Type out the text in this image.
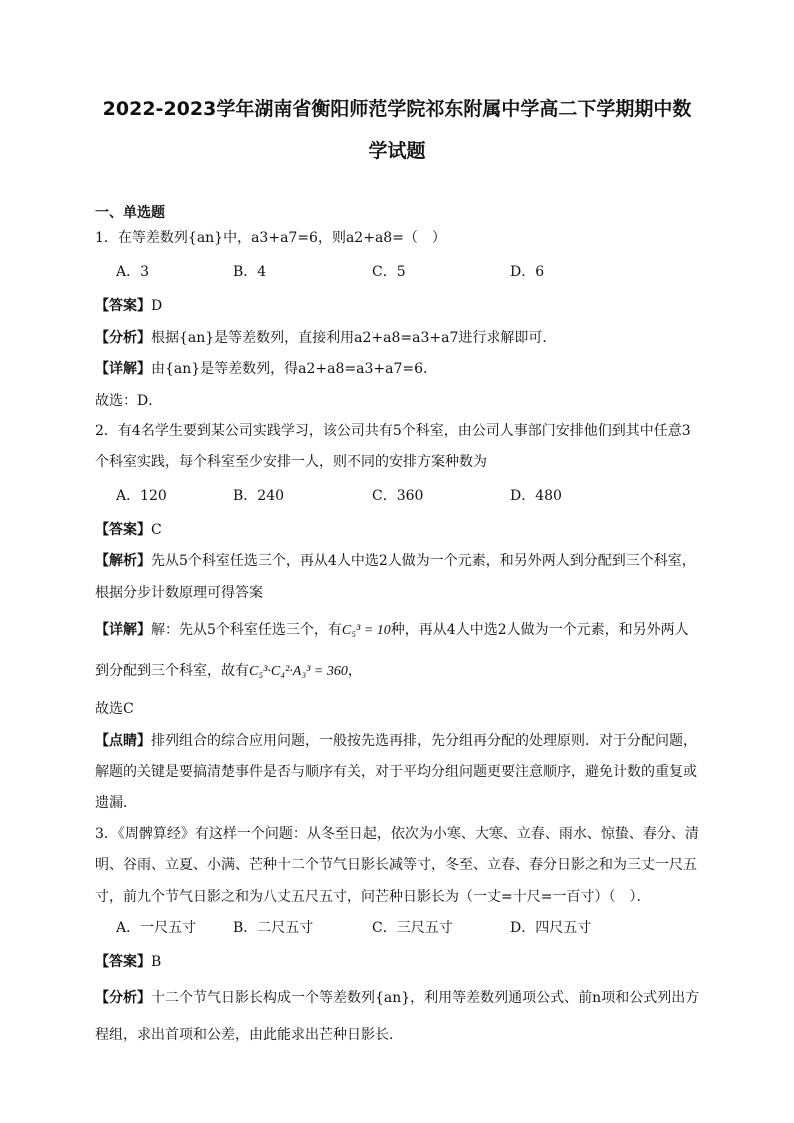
2022-2023学年湖南省衡阳师范学院祁东附属中学高二下学期期中数
学试题
一、单选题
1．在等差数列{an}中，a3+a7=6，则a2+a8=（　）
A．3	B．4	C．5	D．6
【答案】D
【分析】根据{an}是等差数列，直接利用a2+a8=a3+a7进行求解即可．
【详解】由{an}是等差数列，得a2+a8=a3+a7=6．
故选：D．
2．有4名学生要到某公司实践学习，该公司共有5个科室，由公司人事部门安排他们到其中任意3
个科室实践，每个科室至少安排一人，则不同的安排方案种数为
A．120	B．240	C．360	D．480
【答案】C
【解析】先从5个科室任选三个，再从4人中选2人做为一个元素，和另外两人到分配到三个科室，
根据分步计数原理可得答案
【详解】解：先从5个科室任选三个，有C₅³ = 10种，再从4人中选2人做为一个元素，和另外两人
到分配到三个科室，故有C₅³·C₄²·A₃³ = 360，
故选C
【点睛】排列组合的综合应用问题，一般按先选再排，先分组再分配的处理原则．对于分配问题，
解题的关键是要搞清楚事件是否与顺序有关，对于平均分组问题更要注意顺序，避免计数的重复或
遗漏．
3．《周髀算经》有这样一个问题：从冬至日起，依次为小寒、大寒、立春、雨水、惊蛰、春分、清
明、谷雨、立夏、小满、芒种十二个节气日影长减等寸，冬至、立春、春分日影之和为三丈一尺五
寸，前九个节气日影之和为八丈五尺五寸，问芒种日影长为（一丈=十尺=一百寸）（　）．
A．一尺五寸	B．二尺五寸	C．三尺五寸	D．四尺五寸
【答案】B
【分析】十二个节气日影长构成一个等差数列{an}，利用等差数列通项公式、前n项和公式列出方
程组，求出首项和公差，由此能求出芒种日影长．
